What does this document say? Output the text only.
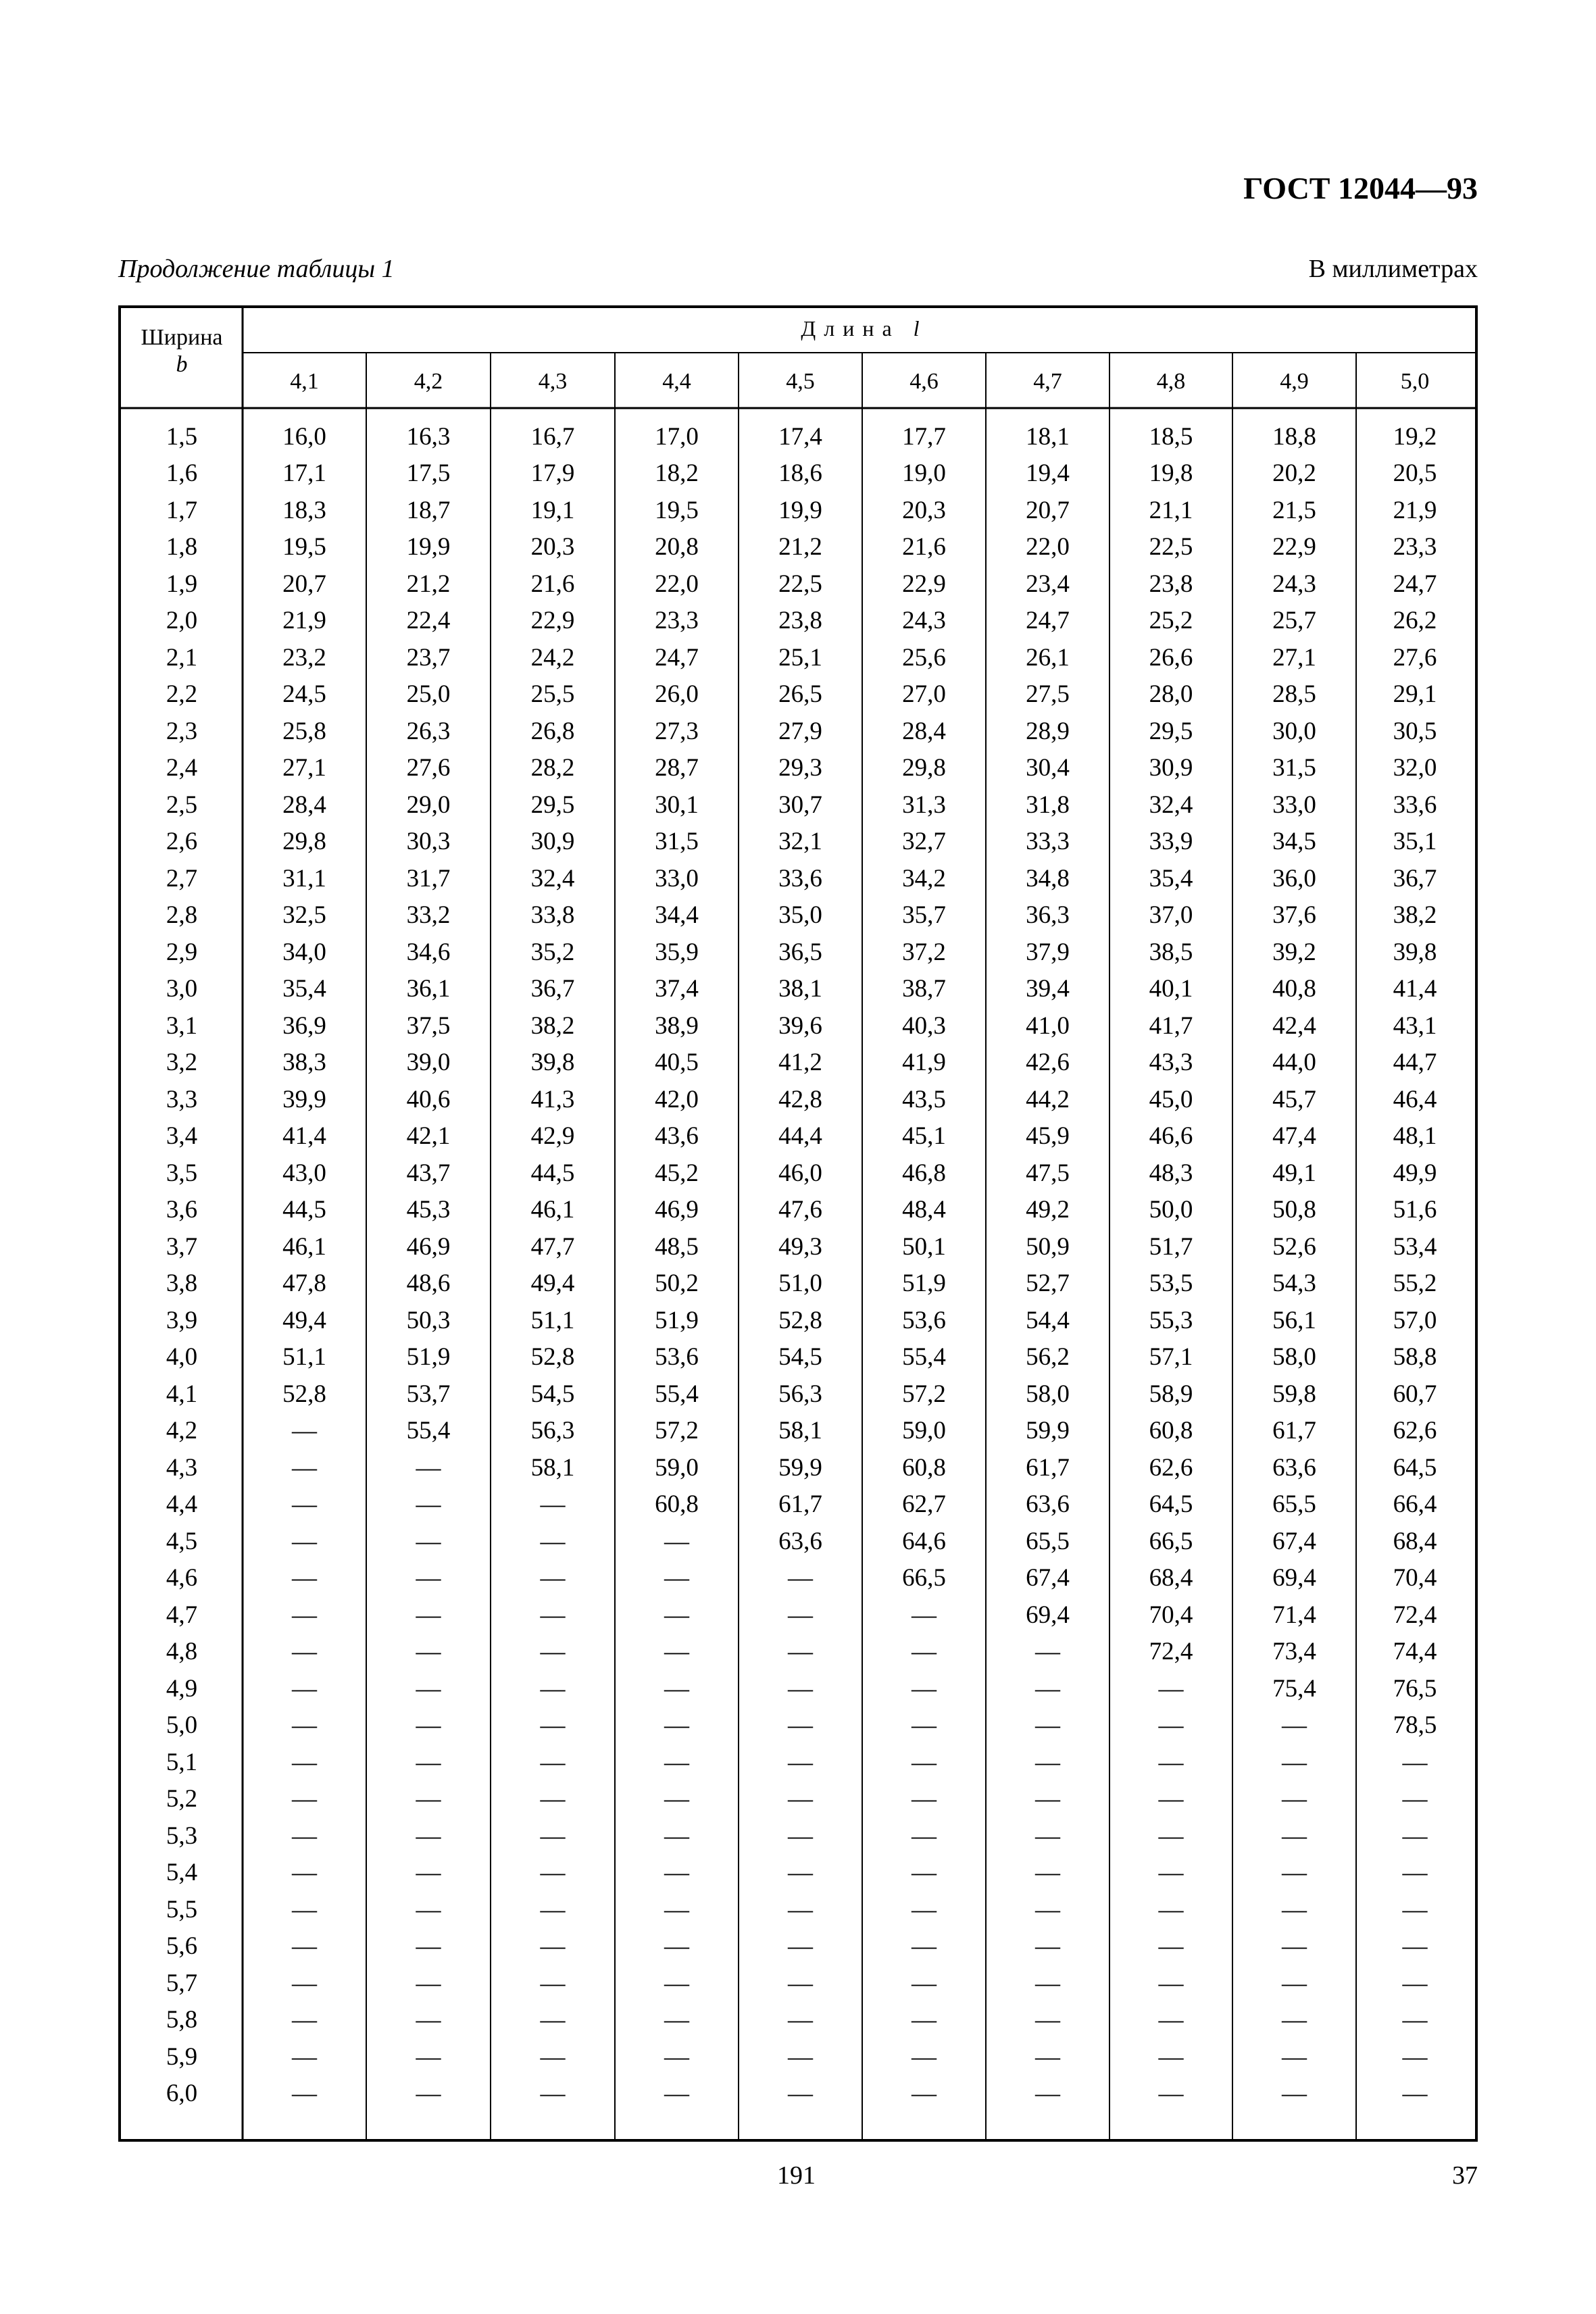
ГОСТ 12044—93
Продолжение таблицы 1	В миллиметрах
Ширина
b
Длина l
4,1	4,2	4,3	4,4	4,5	4,6	4,7	4,8	4,9	5,0
1,5	16,0	16,3	16,7	17,0	17,4	17,7	18,1	18,5	18,8	19,2
1,6	17,1	17,5	17,9	18,2	18,6	19,0	19,4	19,8	20,2	20,5
1,7	18,3	18,7	19,1	19,5	19,9	20,3	20,7	21,1	21,5	21,9
1,8	19,5	19,9	20,3	20,8	21,2	21,6	22,0	22,5	22,9	23,3
1,9	20,7	21,2	21,6	22,0	22,5	22,9	23,4	23,8	24,3	24,7
2,0	21,9	22,4	22,9	23,3	23,8	24,3	24,7	25,2	25,7	26,2
2,1	23,2	23,7	24,2	24,7	25,1	25,6	26,1	26,6	27,1	27,6
2,2	24,5	25,0	25,5	26,0	26,5	27,0	27,5	28,0	28,5	29,1
2,3	25,8	26,3	26,8	27,3	27,9	28,4	28,9	29,5	30,0	30,5
2,4	27,1	27,6	28,2	28,7	29,3	29,8	30,4	30,9	31,5	32,0
2,5	28,4	29,0	29,5	30,1	30,7	31,3	31,8	32,4	33,0	33,6
2,6	29,8	30,3	30,9	31,5	32,1	32,7	33,3	33,9	34,5	35,1
2,7	31,1	31,7	32,4	33,0	33,6	34,2	34,8	35,4	36,0	36,7
2,8	32,5	33,2	33,8	34,4	35,0	35,7	36,3	37,0	37,6	38,2
2,9	34,0	34,6	35,2	35,9	36,5	37,2	37,9	38,5	39,2	39,8
3,0	35,4	36,1	36,7	37,4	38,1	38,7	39,4	40,1	40,8	41,4
3,1	36,9	37,5	38,2	38,9	39,6	40,3	41,0	41,7	42,4	43,1
3,2	38,3	39,0	39,8	40,5	41,2	41,9	42,6	43,3	44,0	44,7
3,3	39,9	40,6	41,3	42,0	42,8	43,5	44,2	45,0	45,7	46,4
3,4	41,4	42,1	42,9	43,6	44,4	45,1	45,9	46,6	47,4	48,1
3,5	43,0	43,7	44,5	45,2	46,0	46,8	47,5	48,3	49,1	49,9
3,6	44,5	45,3	46,1	46,9	47,6	48,4	49,2	50,0	50,8	51,6
3,7	46,1	46,9	47,7	48,5	49,3	50,1	50,9	51,7	52,6	53,4
3,8	47,8	48,6	49,4	50,2	51,0	51,9	52,7	53,5	54,3	55,2
3,9	49,4	50,3	51,1	51,9	52,8	53,6	54,4	55,3	56,1	57,0
4,0	51,1	51,9	52,8	53,6	54,5	55,4	56,2	57,1	58,0	58,8
4,1	52,8	53,7	54,5	55,4	56,3	57,2	58,0	58,9	59,8	60,7
4,2	—	55,4	56,3	57,2	58,1	59,0	59,9	60,8	61,7	62,6
4,3	—	—	58,1	59,0	59,9	60,8	61,7	62,6	63,6	64,5
4,4	—	—	—	60,8	61,7	62,7	63,6	64,5	65,5	66,4
4,5	—	—	—	—	63,6	64,6	65,5	66,5	67,4	68,4
4,6	—	—	—	—	—	66,5	67,4	68,4	69,4	70,4
4,7	—	—	—	—	—	—	69,4	70,4	71,4	72,4
4,8	—	—	—	—	—	—	—	72,4	73,4	74,4
4,9	—	—	—	—	—	—	—	—	75,4	76,5
5,0	—	—	—	—	—	—	—	—	—	78,5
5,1	—	—	—	—	—	—	—	—	—	—
5,2	—	—	—	—	—	—	—	—	—	—
5,3	—	—	—	—	—	—	—	—	—	—
5,4	—	—	—	—	—	—	—	—	—	—
5,5	—	—	—	—	—	—	—	—	—	—
5,6	—	—	—	—	—	—	—	—	—	—
5,7	—	—	—	—	—	—	—	—	—	—
5,8	—	—	—	—	—	—	—	—	—	—
5,9	—	—	—	—	—	—	—	—	—	—
6,0	—	—	—	—	—	—	—	—	—	—
191	37
